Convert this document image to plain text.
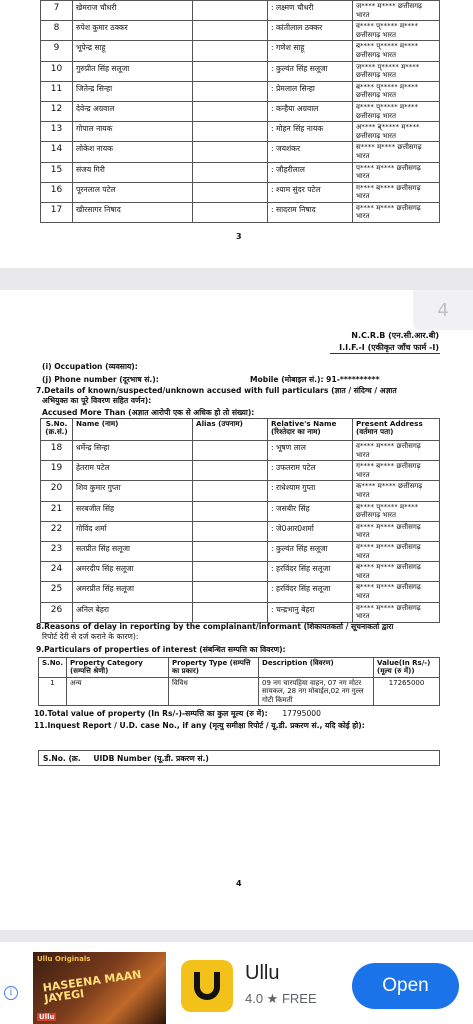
7	खेमराज चौधरी		: लक्ष्मण चौधरी	ज**** म**** छत्तीसगढ़ भारत
8	रुपेश कुमार ठक्कर		: कांतीलाल ठक्कर	व**** प्***** म**** छत्तीसगढ़ भारत
9	भूपेन्द्र साहू		: गणेश साहू	ब**** प्***** म**** छत्तीसगढ़ भारत
10	गुरुप्रीत सिंह सलूजा		: कुल्वंत सिंह सलूजा	ज**** प्***** म**** छत्तीसगढ़ भारत
11	जितेन्द्र सिन्हा		: प्रेमलाल सिन्हा	ब**** प्***** म**** छत्तीसगढ़ भारत
12	देवेन्द्र अग्रवाल		: कन्हैया अग्रवाल	व**** प्***** म**** छत्तीसगढ़ भारत
13	गोपाल नायक		: मोहन सिंह नायक	अ**** ब्***** म**** छत्तीसगढ़ भारत
14	लोकेश नायक		: जयशंकर	स**** म**** छत्तीसगढ़ भारत
15	संजय गिरी		: जौहरीलाल	प**** म**** छत्तीसगढ़ भारत
16	पूरनलाल पटेल		: श्याम सुंदर पटेल	ग**** ब**** छत्तीसगढ़ भारत
17	खीरसागर निषाद		: सादराम निषाद	व**** म**** छत्तीसगढ़ भारत
3
4
N.C.R.B (एन.सी.आर.बी)
I.I.F.-I (एकीकृत जाँच फार्म -I)
(i) Occupation (व्यवसाय):
(j) Phone number (दूरभाष सं.):	Mobile (मोबाइल सं.): 91-**********
7.Details of known/suspected/unknown accused with full particulars (ज्ञात / संदिग्ध / अज्ञात
अभियुक्त का पूरे विवरण सहित वर्णन):
Accused More Than (अज्ञात आरोपी एक से अधिक हो तो संख्या):
S.No. (क्र.सं.)	Name (नाम)	Alias (उपनाम)	Relative's Name (रिश्तेदार का नाम)	Present Address (वर्तमान पता)
18	धर्मेन्द्र सिन्हा		: भूषण लाल	व**** म**** छत्तीसगढ़ भारत
19	हेतराम पटेल		: उफतराम पटेल	ग**** ब**** छत्तीसगढ़ भारत
20	शिव कुमार गुप्ता		: राधेश्याम गुप्ता	क**** म**** छत्तीसगढ़ भारत
21	सरबजीत सिंह		: जसबीर सिंह	ब**** प्***** म**** छत्तीसगढ़ भारत
22	गोविंद शर्मा		: जे0आर0शर्मा	व**** म**** छत्तीसगढ़ भारत
23	सतप्रीत सिंह सलूजा		: कुल्वंत सिंह सलूजा	व**** म**** छत्तीसगढ़ भारत
24	अमरदीप सिंह सलूजा		: हरविंदर सिंह सलूजा	ब**** म**** छत्तीसगढ़ भारत
25	अमरप्रीत सिंह सलूजा		: हरविंदर सिंह सलूजा	ब**** म**** छत्तीसगढ़ भारत
26	अनिल बेहरा		: चन्द्रभानु बेहरा	व**** म**** छत्तीसगढ़ भारत
8.Reasons of delay in reporting by the complainant/informant (शिकायतकर्ता / सूचनाकर्ता द्वारा
रिपोर्ट देरी से दर्ज कराने के कारण):
9.Particulars of properties of interest (संबन्धित सम्पत्ति का विवरण):
S.No.	Property Category (सम्पत्ति श्रेणी)	Property Type (सम्पत्ति का प्रकार)	Description (विवरण)	Value(In Rs/-) (मूल्य (रु में))
1	अन्य	विविध	09 नग चारपहिया वाहन, 07 नग मोटर सायकल, 28 नग मोबाईल,02 नग गुल्ल गोटी किमती	17265000
10.Total value of property (In Rs/-)-सम्पत्ति का कुल मूल्य (रु में): 17795000
11.Inquest Report / U.D. case No., if any (मृत्यु समीक्षा रिपोर्ट / यू.डी. प्रकरण सं., यदि कोई हो):
S.No. (क्र. UIDB Number (यू.डी. प्रकरण सं.)
4
i
Ullu Originals
HASEENA MAAN JAYEGI
Ullu
Ullu
4.0 ★ FREE
Open
